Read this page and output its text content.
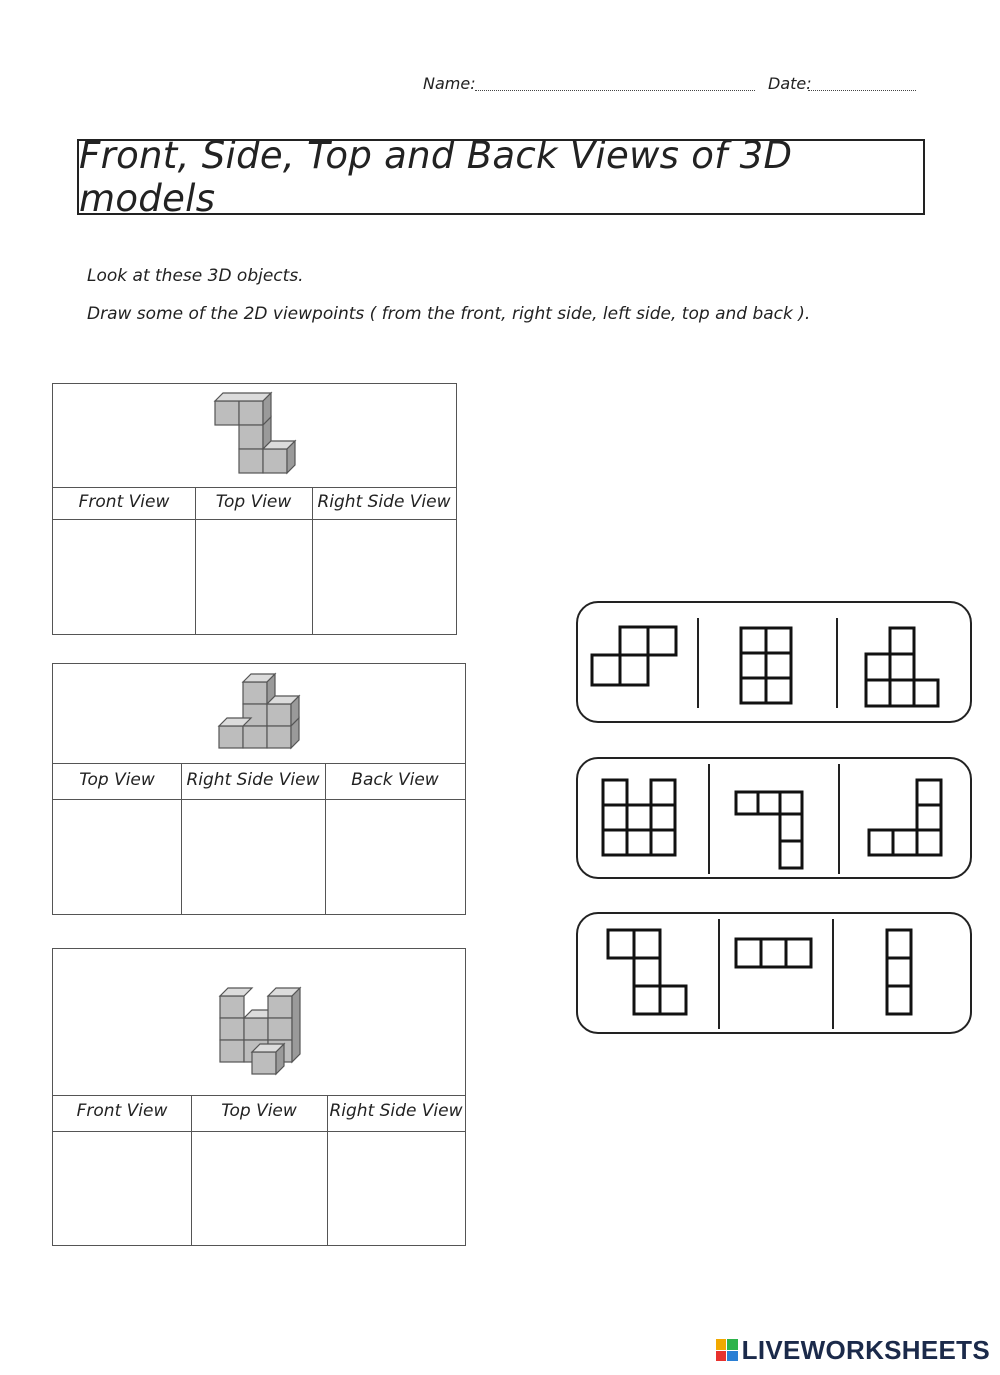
Name:	Date:
Front, Side, Top and Back Views of 3D models
Look at these 3D objects.
Draw some of the 2D viewpoints ( from the front, right side, left side, top and back ).
Front View	Top View	Right Side View
Top View	Right Side View	Back View
Front View	Top View	Right Side View
LIVEWORKSHEETS
